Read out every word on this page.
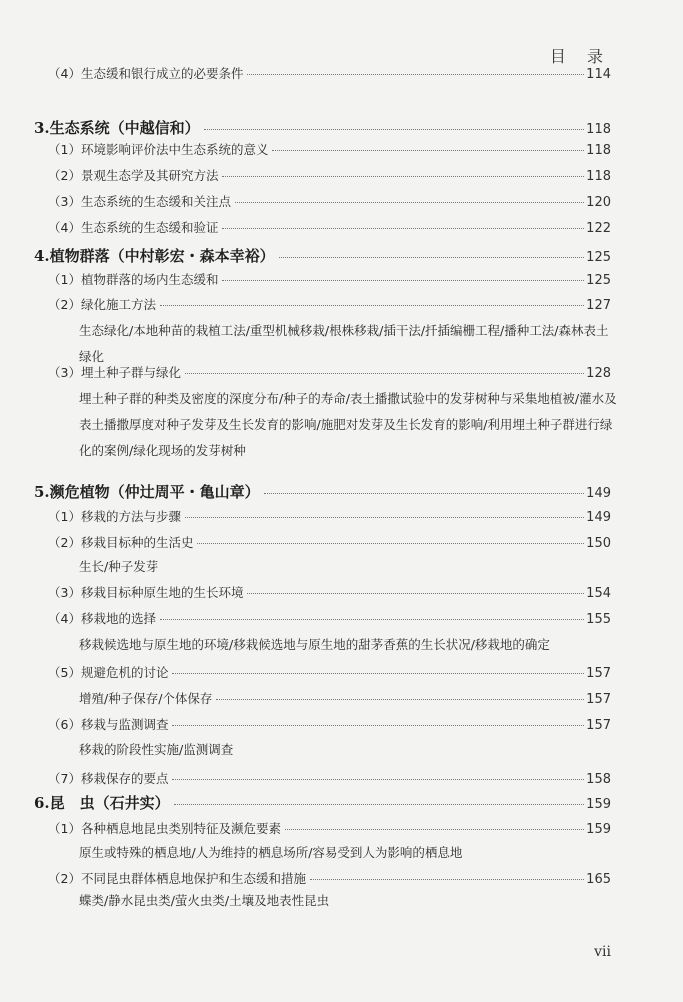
目 录
（4）生态缓和银行成立的必要条件	114
3.生态系统（中越信和）	118
（1）环境影响评价法中生态系统的意义	118
（2）景观生态学及其研究方法	118
（3）生态系统的生态缓和关注点	120
（4）生态系统的生态缓和验证	122
4.植物群落（中村彰宏・森本幸裕）	125
（1）植物群落的场内生态缓和	125
（2）绿化施工方法	127
生态绿化/本地种苗的栽植工法/重型机械移栽/根株移栽/插干法/扦插编栅工程/播种工法/森林表土绿化
（3）埋土种子群与绿化	128
埋土种子群的种类及密度的深度分布/种子的寿命/表土播撒试验中的发芽树种与采集地植被/灌水及表土播撒厚度对种子发芽及生长发育的影响/施肥对发芽及生长发育的影响/利用埋土种子群进行绿化的案例/绿化现场的发芽树种
5.濒危植物（仲辻周平・亀山章）	149
（1）移栽的方法与步骤	149
（2）移栽目标种的生活史	150
生长/种子发芽
（3）移栽目标种原生地的生长环境	154
（4）移栽地的选择	155
移栽候选地与原生地的环境/移栽候选地与原生地的甜茅香蕉的生长状况/移栽地的确定
（5）规避危机的讨论	157
增殖/种子保存/个体保存	157
（6）移栽与监测调查	157
移栽的阶段性实施/监测调查
（7）移栽保存的要点	158
6.昆　虫（石井实）	159
（1）各种栖息地昆虫类别特征及濒危要素	159
原生或特殊的栖息地/人为维持的栖息场所/容易受到人为影响的栖息地
（2）不同昆虫群体栖息地保护和生态缓和措施	165
蝶类/静水昆虫类/萤火虫类/土壤及地表性昆虫
vii
